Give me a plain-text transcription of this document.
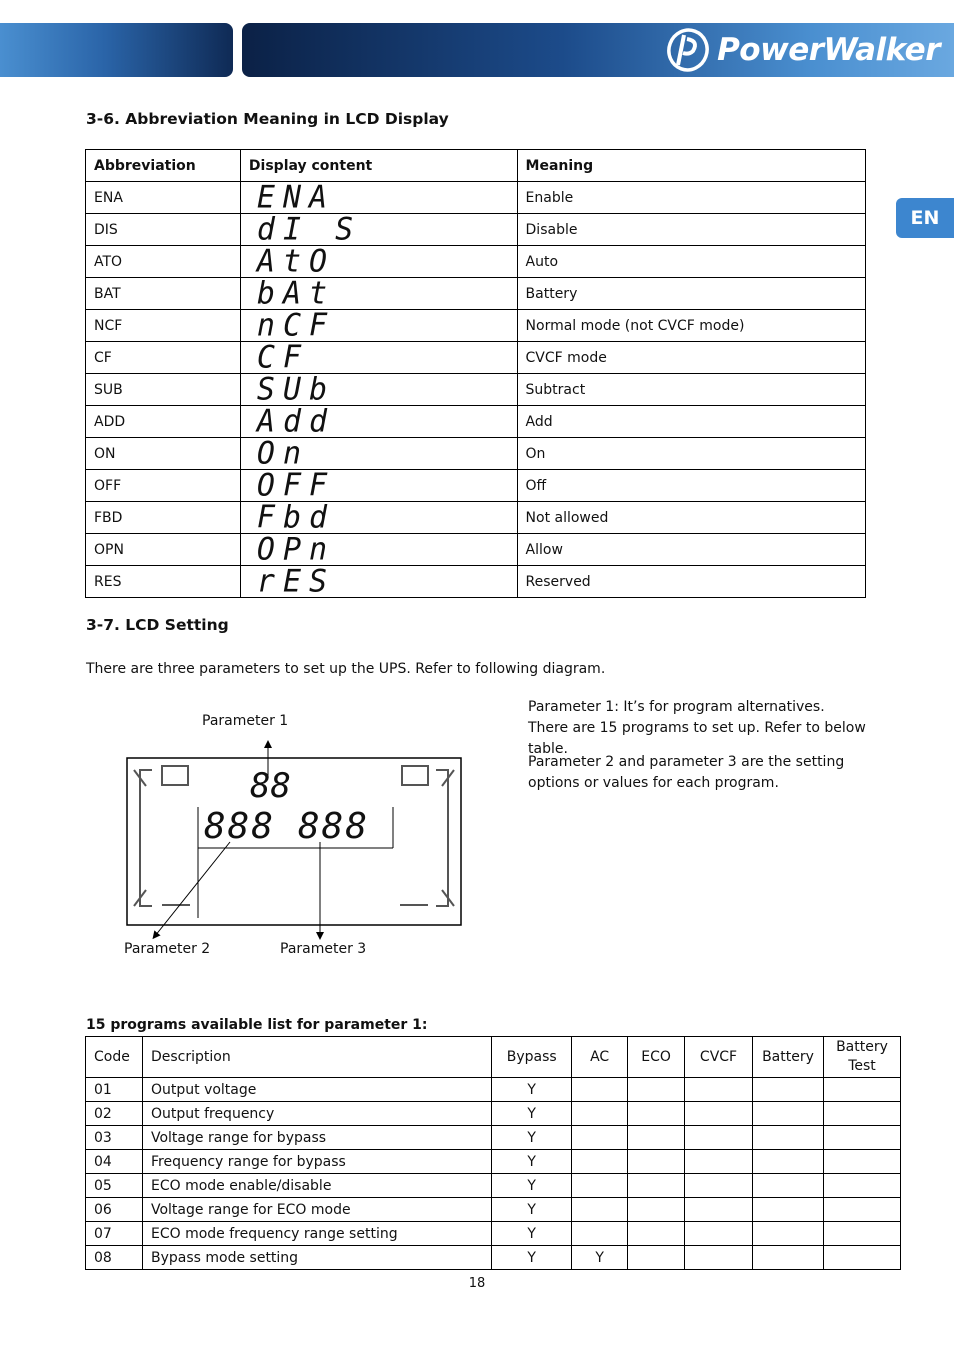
PowerWalker
EN
3-6. Abbreviation Meaning in LCD Display
Abbreviation	Display content	Meaning
ENA	ENA	Enable
DIS	dI S	Disable
ATO	AtO	Auto
BAT	bAt	Battery
NCF	nCF	Normal mode (not CVCF mode)
CF	CF	CVCF mode
SUB	SUb	Subtract
ADD	Add	Add
ON	On	On
OFF	OFF	Off
FBD	Fbd	Not allowed
OPN	OPn	Allow
RES	rES	Reserved
3-7. LCD Setting
There are three parameters to set up the UPS. Refer to following diagram.
Parameter 1
88
888 888
Parameter 2	Parameter 3
Parameter 1: It’s for program alternatives. There are 15 programs to set up. Refer to below table.
Parameter 2 and parameter 3 are the setting options or values for each program.
15 programs available list for parameter 1:
Code	Description	Bypass	AC	ECO	CVCF	Battery	Battery Test
01	Output voltage	Y					
02	Output frequency	Y					
03	Voltage range for bypass	Y					
04	Frequency range for bypass	Y					
05	ECO mode enable/disable	Y					
06	Voltage range for ECO mode	Y					
07	ECO mode frequency range setting	Y					
08	Bypass mode setting	Y	Y				
18
